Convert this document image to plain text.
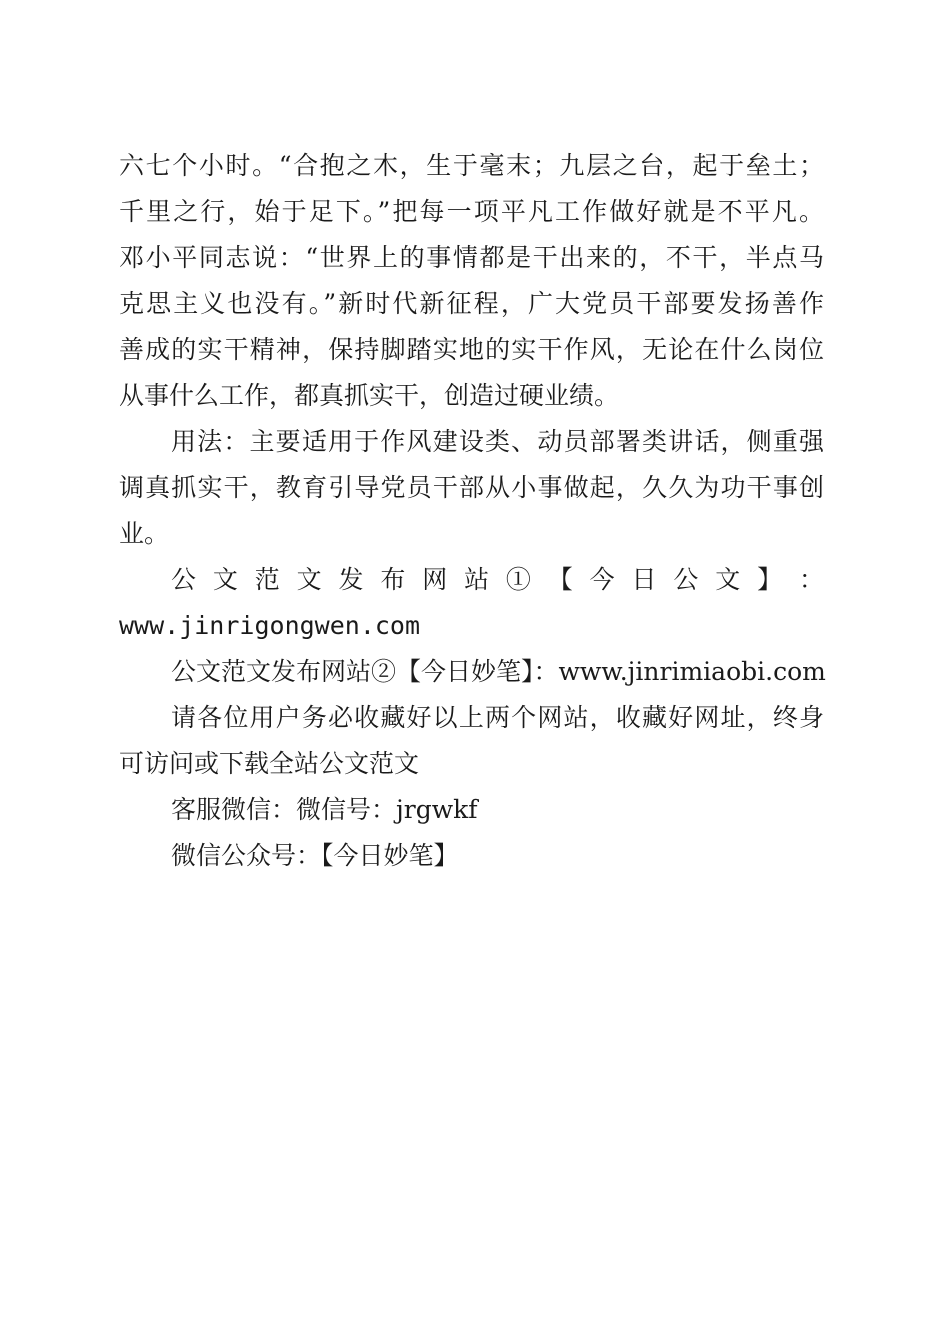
六七个小时。“合抱之木，生于毫末；九层之台，起于垒土；
千里之行，始于足下。”把每一项平凡工作做好就是不平凡。
邓小平同志说：“世界上的事情都是干出来的，不干，半点马
克思主义也没有。”新时代新征程，广大党员干部要发扬善作
善成的实干精神，保持脚踏实地的实干作风，无论在什么岗位
从事什么工作，都真抓实干，创造过硬业绩。
用法：主要适用于作风建设类、动员部署类讲话，侧重强
调真抓实干，教育引导党员干部从小事做起，久久为功干事创
业。
公 文 范 文 发 布 网 站 ① 【 今 日 公 文 】 ：
www.jinrigongwen.com
公文范文发布网站②【今日妙笔】：www.jinrimiaobi.com
请各位用户务必收藏好以上两个网站，收藏好网址，终身
可访问或下载全站公文范文
客服微信：微信号：jrgwkf
微信公众号：【今日妙笔】
